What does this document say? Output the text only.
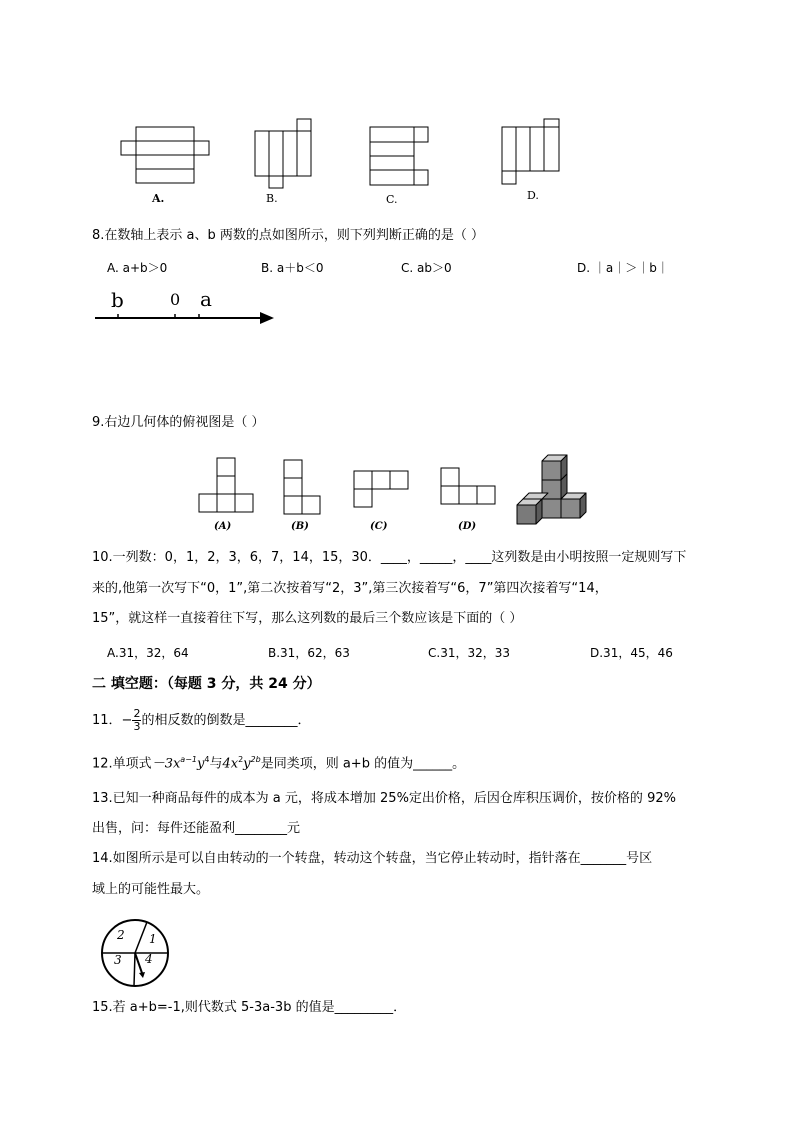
A.	B.	C.	D.
8.在数轴上表示 a、b 两数的点如图所示，则下列判断正确的是（ ）
A. a+b＞0	B. a＋b＜0	C. ab＞0	D. ｜a｜＞｜b｜
b	0 a
9.右边几何体的俯视图是（ ）
(A)	(B)	(C)	(D)
10.一列数：0，1，2，3，6，7，14，15，30．____，_____，____这列数是由小明按照一定规则写下
来的,他第一次写下“0，1”,第二次按着写“2，3”,第三次接着写“6，7”第四次接着写“14，
15”，就这样一直接着往下写，那么这列数的最后三个数应该是下面的（ ）
A.31，32，64	B.31，62，63	C.31，32，33	D.31，45，46
二 填空题：（每题 3 分，共 24 分）
11．− $\frac{2}{3}$ 的相反数的倒数是________．
12.单项式$-3x^{a-1}y^4$与$4x^2y^{2b}$是同类项，则 a+b 的值为______。
13.已知一种商品每件的成本为 a 元，将成本增加 25%定出价格，后因仓库积压调价，按价格的 92%
出售，问：每件还能盈利________元
14.如图所示是可以自由转动的一个转盘，转动这个转盘，当它停止转动时，指针落在_______号区
域上的可能性最大。
2 1
3 4
15.若 a+b=-1,则代数式 5-3a-3b 的值是_________．
